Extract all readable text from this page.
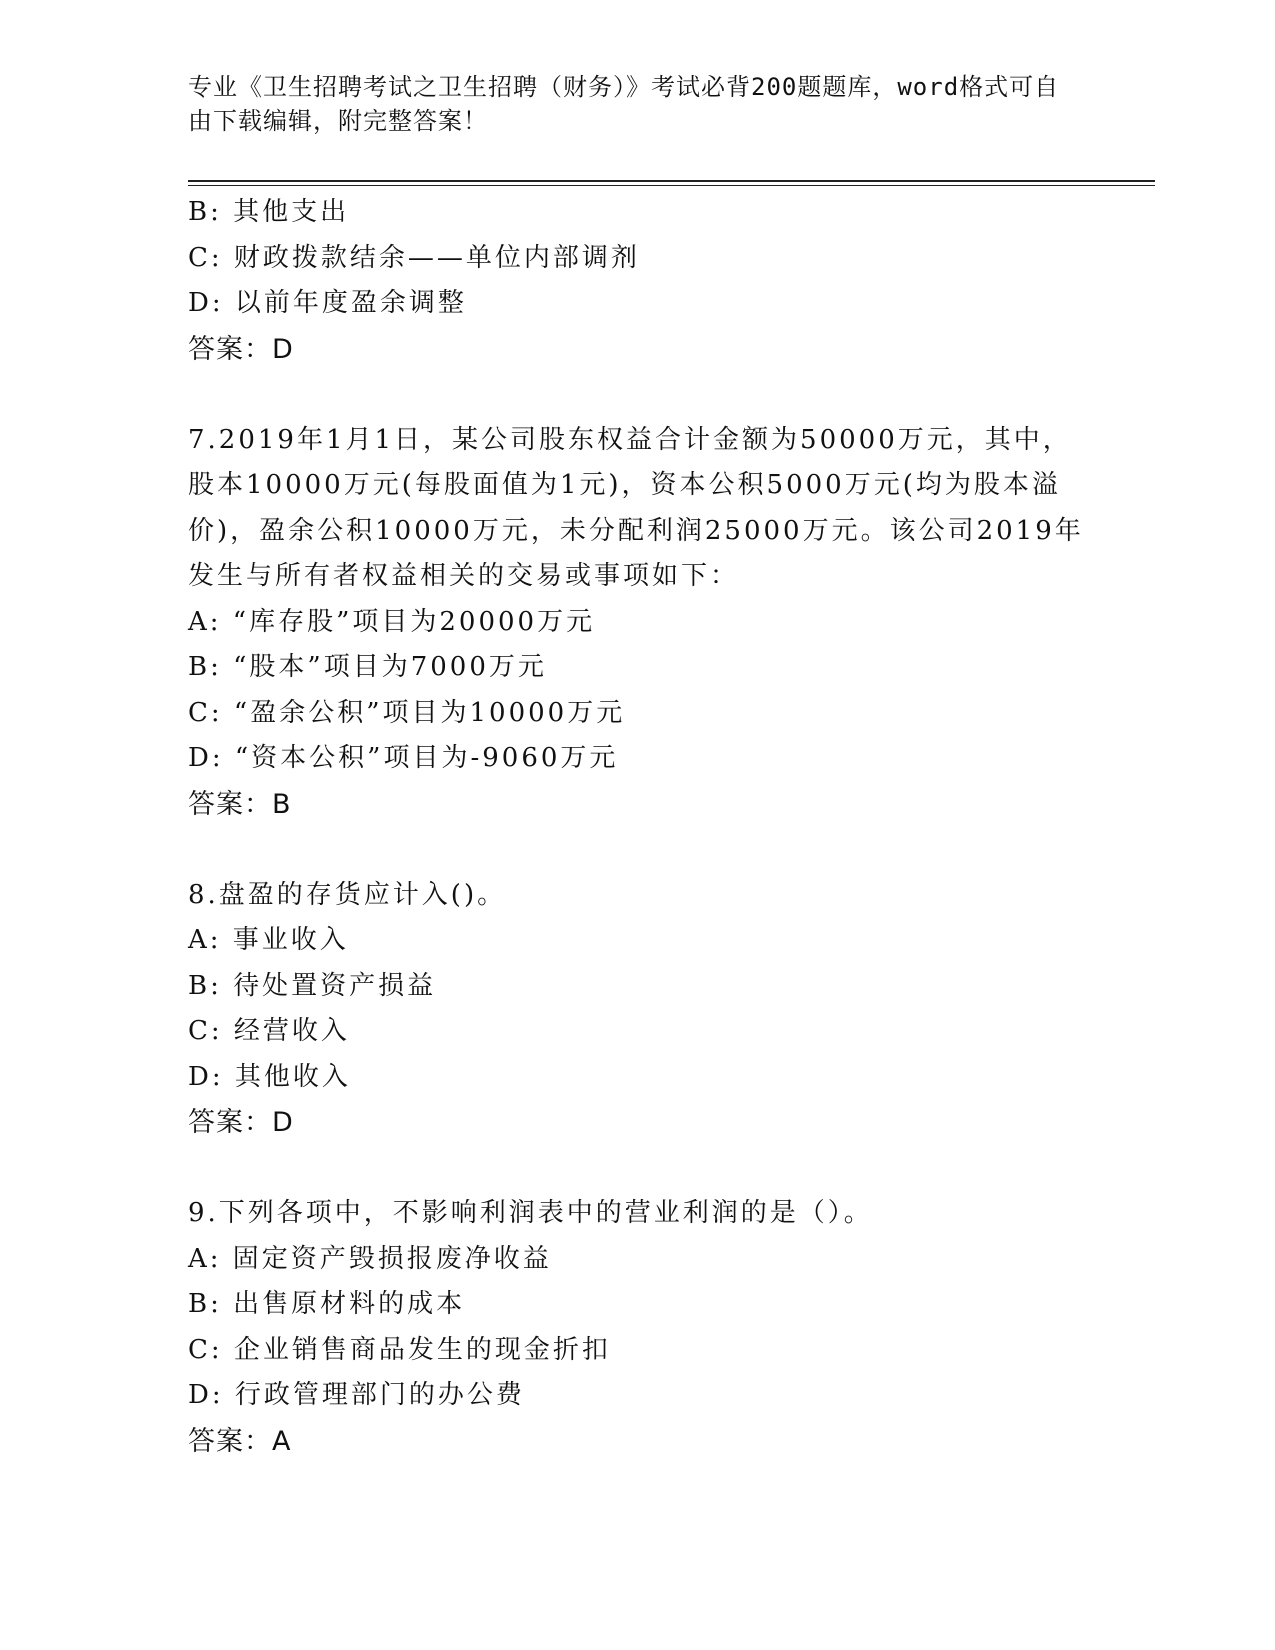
专业《卫生招聘考试之卫生招聘（财务）》考试必背200题题库，word格式可自由下载编辑，附完整答案！
B: 其他支出
C: 财政拨款结余——单位内部调剂
D: 以前年度盈余调整
答案：D
7.2019年1月1日，某公司股东权益合计金额为50000万元，其中，股本10000万元(每股面值为1元)，资本公积5000万元(均为股本溢价)，盈余公积10000万元，未分配利润25000万元。该公司2019年发生与所有者权益相关的交易或事项如下：
A: “库存股”项目为20000万元
B: “股本”项目为7000万元
C: “盈余公积”项目为10000万元
D: “资本公积”项目为-9060万元
答案：B
8.盘盈的存货应计入()。
A: 事业收入
B: 待处置资产损益
C: 经营收入
D: 其他收入
答案：D
9.下列各项中，不影响利润表中的营业利润的是（）。
A: 固定资产毁损报废净收益
B: 出售原材料的成本
C: 企业销售商品发生的现金折扣
D: 行政管理部门的办公费
答案：A
